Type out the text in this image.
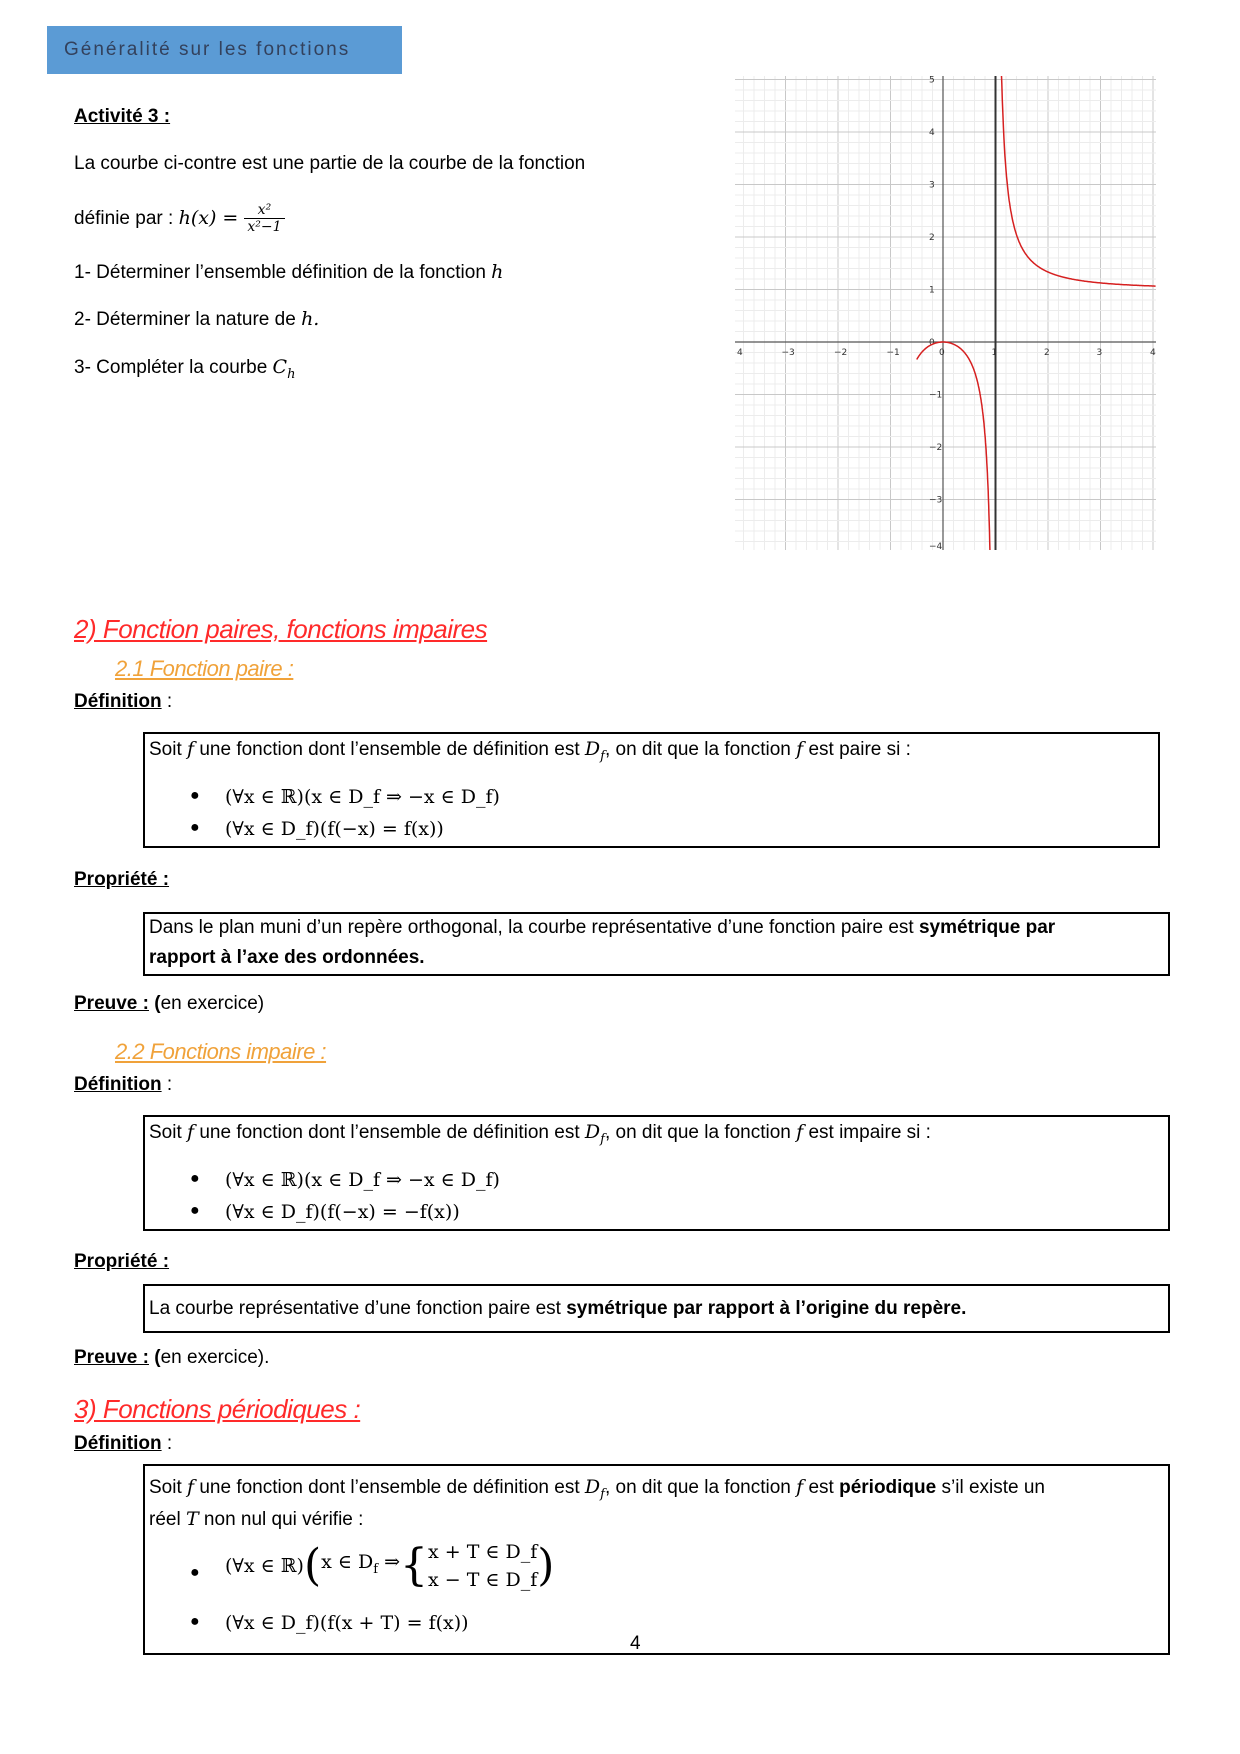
Généralité sur les fonctions
Activité 3 :
La courbe ci-contre est une partie de la courbe de la fonction
définie par : $h(x) = \frac{\text{x²}}{\text{x²−1}}$
1- Déterminer l’ensemble définition de la fonction h
2- Déterminer la nature de h.
3- Compléter la courbe $C_h$
4	−3	−2	−1	0	1	2	3	4
5
4
3
2
1
0
−1
−2
−3
−4
2) Fonction paires, fonctions impaires
2.1 Fonction paire :
Définition :
Soit f une fonction dont l’ensemble de définition est $D_f$, on dit que la fonction f est paire si :
● (∀x ∈ ℝ)(x ∈ D_f ⇒ −x ∈ D_f)
● (∀x ∈ D_f)(f(−x) = f(x))
Propriété :
Dans le plan muni d’un repère orthogonal, la courbe représentative d’une fonction paire est symétrique par
rapport à l’axe des ordonnées.
Preuve : (en exercice)
2.2 Fonctions impaire :
Définition :
Soit f une fonction dont l’ensemble de définition est $D_f$, on dit que la fonction f est impaire si :
● (∀x ∈ ℝ)(x ∈ D_f ⇒ −x ∈ D_f)
● (∀x ∈ D_f)(f(−x) = −f(x))
Propriété :
La courbe représentative d’une fonction paire est symétrique par rapport à l’origine du repère.
Preuve : (en exercice).
3) Fonctions périodiques :
Définition :
Soit f une fonction dont l’ensemble de définition est $D_f$, on dit que la fonction f est périodique s’il existe un
réel T non nul qui vérifie :
● (∀x ∈ ℝ) ( x ∈ $D_f$ ⇒ { x + T ∈ D_f
x − T ∈ D_f )
● (∀x ∈ D_f)(f(x + T) = f(x))
4
